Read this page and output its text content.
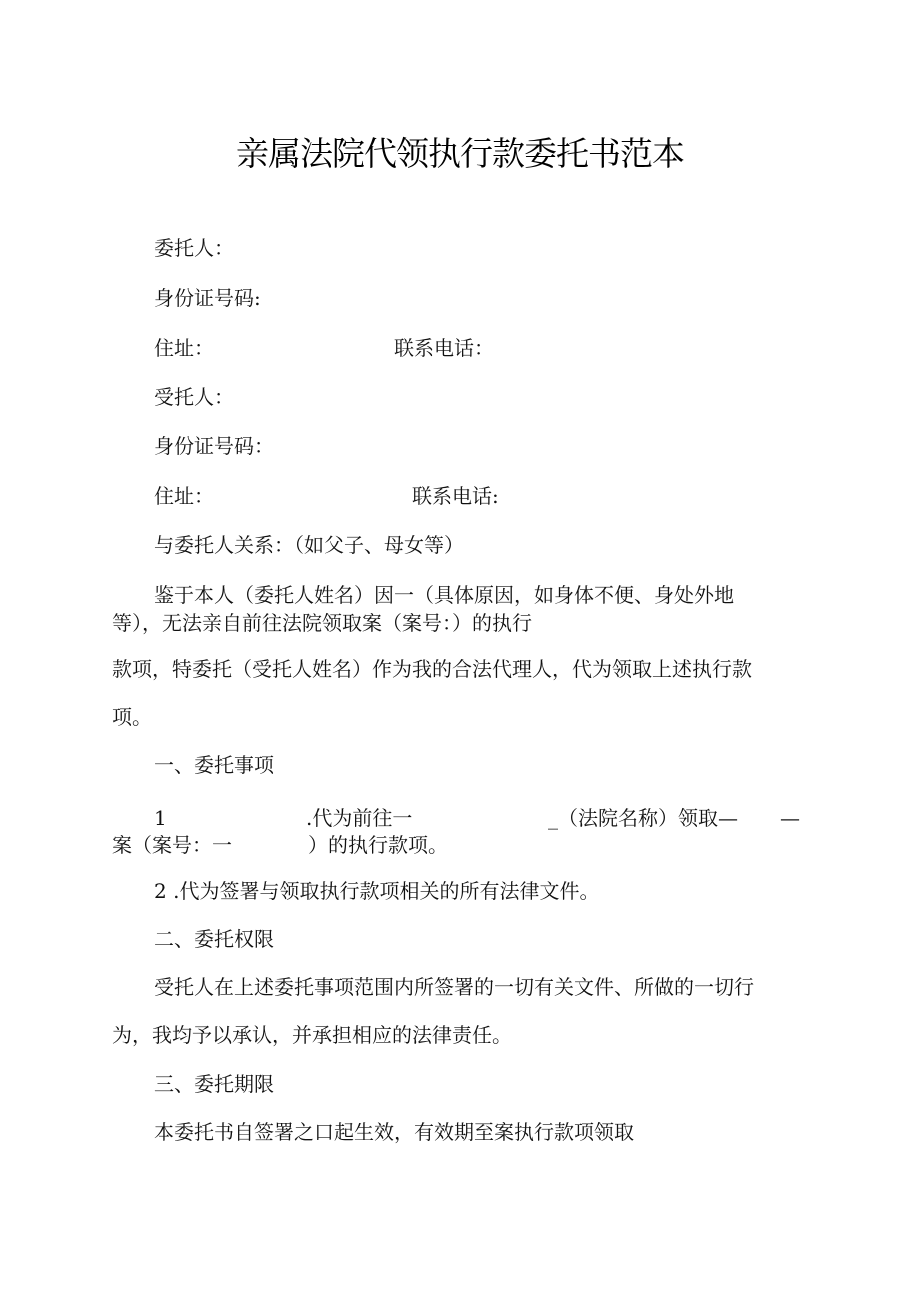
亲属法院代领执行款委托书范本
委托人：
身份证号码:
住址：	联系电话：
受托人：
身份证号码：
住址：	联系电话:
与委托人关系：（如父子、母女等）
鉴于本人（委托人姓名）因一（具体原因，如身体不便、身处外地
等），无法亲自前往法院领取案（案号：）的执行
款项，特委托（受托人姓名）作为我的合法代理人，代为领取上述执行款
项。
一、委托事项
1	.代为前往一	_（法院名称）领取— —
案（案号：一	）的执行款项。
2 .代为签署与领取执行款项相关的所有法律文件。
二、委托权限
受托人在上述委托事项范围内所签署的一切有关文件、所做的一切行
为，我均予以承认，并承担相应的法律责任。
三、委托期限
本委托书自签署之口起生效，有效期至案执行款项领取
